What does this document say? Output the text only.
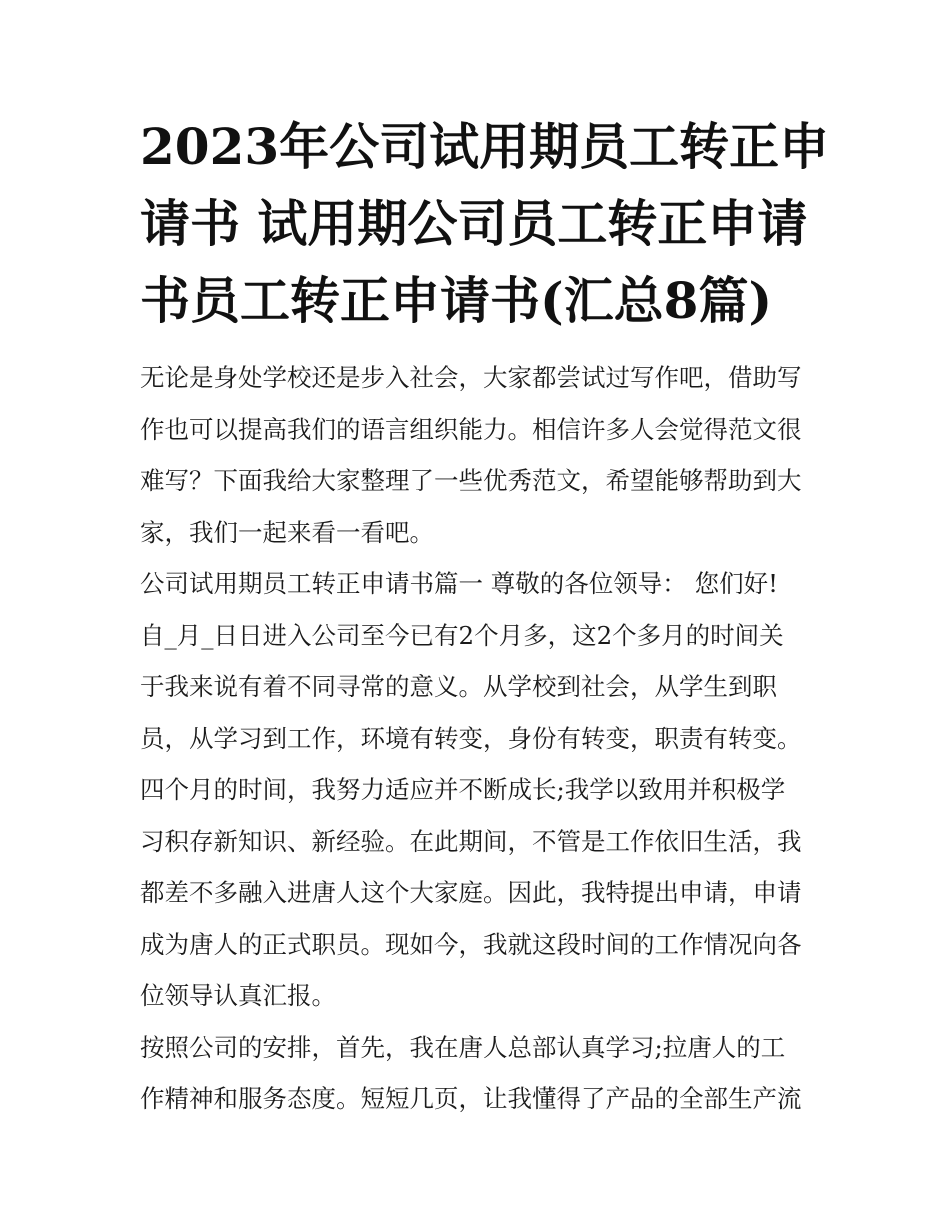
2023年公司试用期员工转正申
请书 试用期公司员工转正申请
书员工转正申请书(汇总8篇)
无论是身处学校还是步入社会，大家都尝试过写作吧，借助写
作也可以提高我们的语言组织能力。相信许多人会觉得范文很
难写？下面我给大家整理了一些优秀范文，希望能够帮助到大
家，我们一起来看一看吧。
公司试用期员工转正申请书篇一 尊敬的各位领导： 您们好!
自_月_日日进入公司至今已有2个月多，这2个多月的时间关
于我来说有着不同寻常的意义。从学校到社会，从学生到职
员，从学习到工作，环境有转变，身份有转变，职责有转变。
四个月的时间，我努力适应并不断成长;我学以致用并积极学
习积存新知识、新经验。在此期间，不管是工作依旧生活，我
都差不多融入进唐人这个大家庭。因此，我特提出申请，申请
成为唐人的正式职员。现如今，我就这段时间的工作情况向各
位领导认真汇报。
按照公司的安排，首先，我在唐人总部认真学习;拉唐人的工
作精神和服务态度。短短几页，让我懂得了产品的全部生产流
